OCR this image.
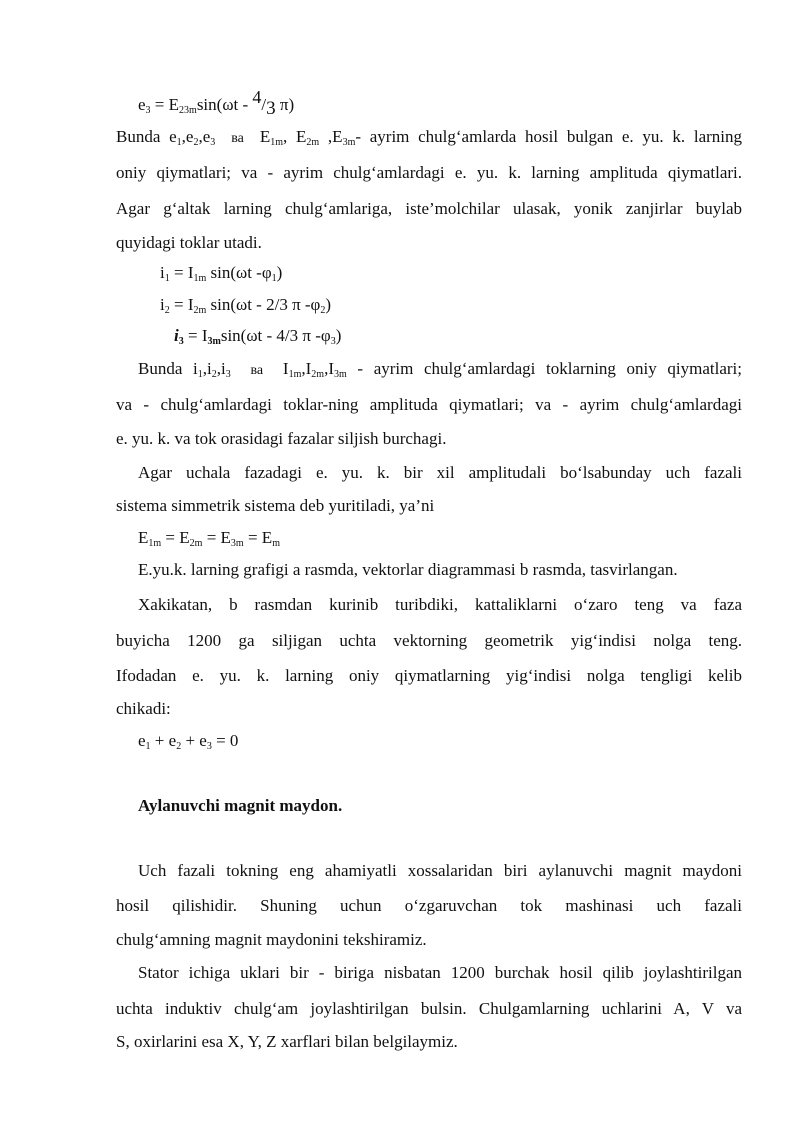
$e_3 = E_{23m}\sin(\omega t - 4/3$ π)
Bunda $e_1,e_2,e_3$  ва  $E_{1m}$, $E_{2m}$ $,E_{3m}-$ ayrim chulg‘amlarda hosil bulgan e. yu. k. larning
oniy qiymatlari; va - ayrim chulg‘amlardagi e. yu. k. larning amplituda qiymatlari.
Agar g‘altak larning chulg‘amlariga, iste’molchilar ulasak, yonik zanjirlar buylab
quyidagi toklar utadi.
$i_1 = I_{1m}$ sin(ωt $-\varphi_1$)
$i_2 = I_{2m}$ sin(ωt - 2/3 π $-\varphi_2$)
$i_3 = I_{3m}\sin(\omega t - 4/3$ π $-\varphi_3$)
Bunda $i_1,i_2,i_3$  ва  $I_{1m},I_{2m},I_{3m}$ - ayrim chulg‘amlardagi toklarning oniy qiymatlari;
va - chulg‘amlardagi toklar-ning amplituda qiymatlari; va - ayrim chulg‘amlardagi
e. yu. k. va tok orasidagi fazalar siljish burchagi.
Agar uchala fazadagi e. yu. k. bir xil amplitudali bo‘lsabunday uch fazali
sistema simmetrik sistema deb yuritiladi, ya’ni
$E_{1m} = E_{2m} = E_{3m} = E_m$
E.yu.k. larning grafigi a rasmda, vektorlar diagrammasi b rasmda, tasvirlangan.
Xakikatan, b rasmdan kurinib turibdiki, kattaliklarni o‘zaro teng va faza
buyicha 1200 ga siljigan uchta vektorning geometrik yig‘indisi nolga teng.
Ifodadan e. yu. k. larning oniy qiymatlarning yig‘indisi nolga tengligi kelib
chikadi:
$e_1 + e_2 + e_3 = 0$
Aylanuvchi magnit maydon.
Uch fazali tokning eng ahamiyatli xossalaridan biri aylanuvchi magnit maydoni
hosil qilishidir. Shuning uchun o‘zgaruvchan tok mashinasi uch fazali
chulg‘amning magnit maydonini tekshiramiz.
Stator ichiga uklari bir - biriga nisbatan 1200 burchak hosil qilib joylashtirilgan
uchta induktiv chulg‘am joylashtirilgan bulsin. Chulgamlarning uchlarini A, V va
S, oxirlarini esa X, Y, Z xarflari bilan belgilaymiz.
